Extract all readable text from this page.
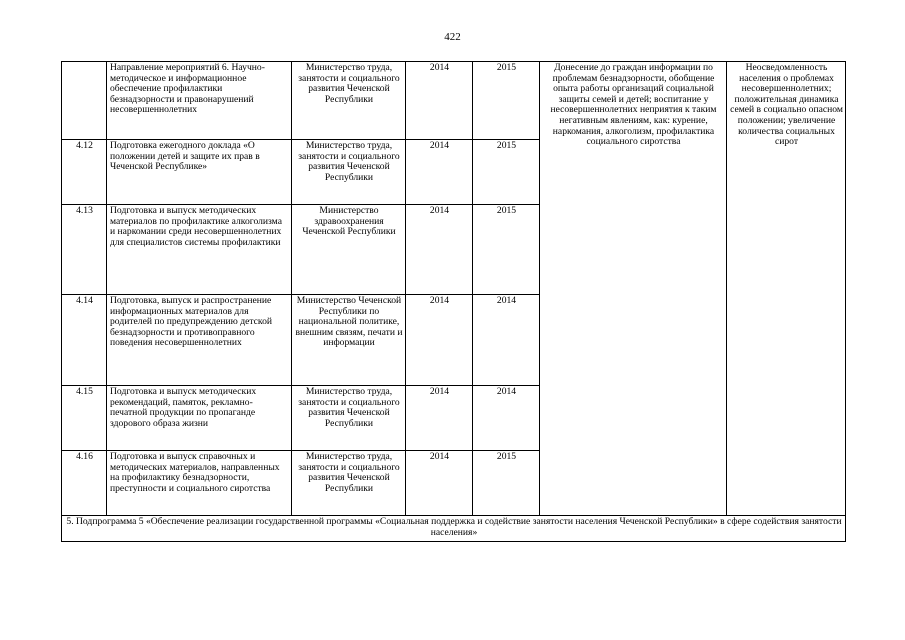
422
	Направление мероприятий 6. Научно-методическое и информационное обеспечение профилактики безнадзорности и правонарушений несовершеннолетних	Министерство труда, занятости и социального развития Чеченской Республики	2014	2015	Донесение до граждан информации по проблемам безнадзорности, обобщение опыта работы организаций социальной защиты семей и детей; воспитание у несовершеннолетних неприятия к таким негативным явлениям, как: курение, наркомания, алкоголизм, профилактика социального сиротства	Неосведомленность населения о проблемах несовершеннолетних; положительная динамика семей в социально опасном положении; увеличение количества социальных сирот
4.12	Подготовка ежегодного доклада «О положении детей и защите их прав в Чеченской Республике»	Министерство труда, занятости и социального развития Чеченской Республики	2014	2015		
4.13	Подготовка и выпуск методических материалов по профилактике алкоголизма и наркомании среди несовершеннолетних для специалистов системы профилактики	Министерство здравоохранения Чеченской Республики	2014	2015		
4.14	Подготовка, выпуск и распространение информационных материалов для родителей по предупреждению детской безнадзорности и противоправного поведения несовершеннолетних	Министерство Чеченской Республики по национальной политике, внешним связям, печати и информации	2014	2014		
4.15	Подготовка и выпуск методических рекомендаций, памяток, рекламно-печатной продукции по пропаганде здорового образа жизни	Министерство труда, занятости и социального развития Чеченской Республики	2014	2014		
4.16	Подготовка и выпуск справочных и методических материалов, направленных на профилактику безнадзорности, преступности и социального сиротства	Министерство труда, занятости и социального развития Чеченской Республики	2014	2015		
5. Подпрограмма 5 «Обеспечение реализации государственной программы «Социальная поддержка и содействие занятости населения Чеченской Республики» в сфере содействия занятости населения»						
